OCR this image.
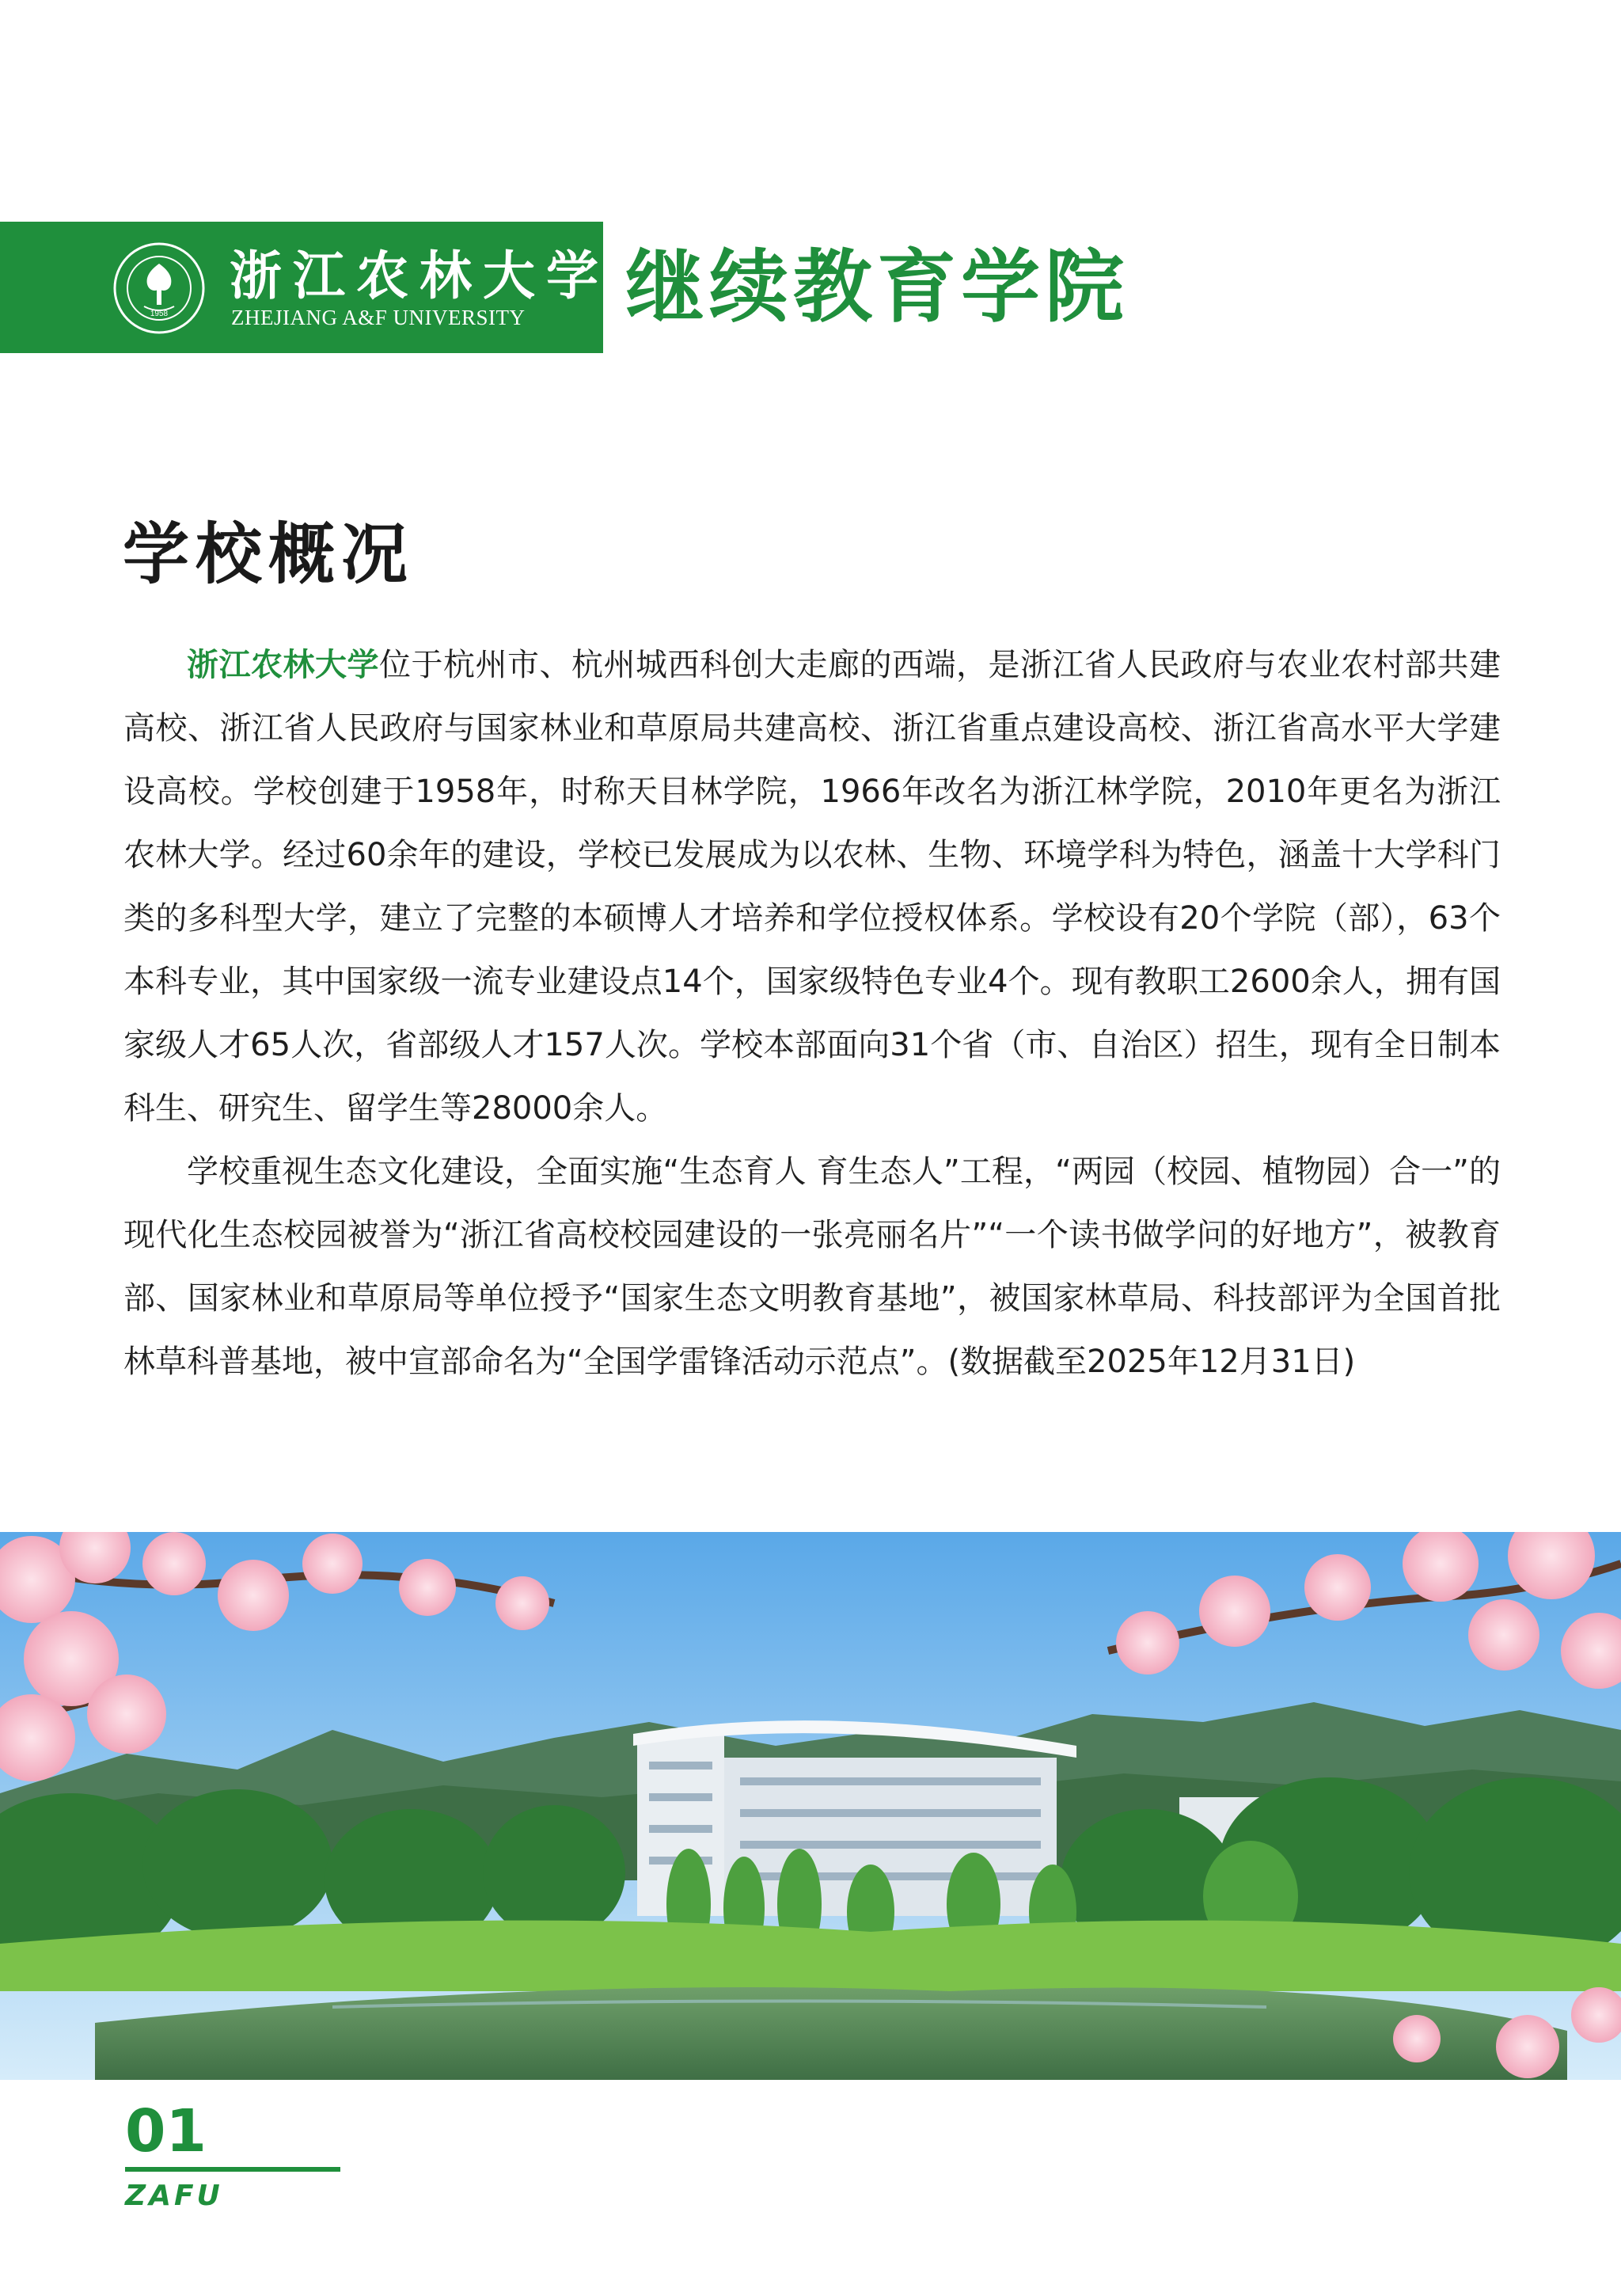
1958
浙江农林大学
ZHEJIANG A&F UNIVERSITY	继续教育学院
学校概况

浙江农林大学位于杭州市、杭州城西科创大走廊的西端，是浙江省人民政府与农业农村部共建高校、浙江省人民政府与国家林业和草原局共建高校、浙江省重点建设高校、浙江省高水平大学建设高校。学校创建于1958年，时称天目林学院，1966年改名为浙江林学院，2010年更名为浙江农林大学。经过60余年的建设，学校已发展成为以农林、生物、环境学科为特色，涵盖十大学科门类的多科型大学，建立了完整的本硕博人才培养和学位授权体系。学校设有20个学院（部），63个本科专业，其中国家级一流专业建设点14个，国家级特色专业4个。现有教职工2600余人，拥有国家级人才65人次，省部级人才157人次。学校本部面向31个省（市、自治区）招生，现有全日制本科生、研究生、留学生等28000余人。

学校重视生态文化建设，全面实施“生态育人 育生态人”工程，“两园（校园、植物园）合一”的现代化生态校园被誉为“浙江省高校校园建设的一张亮丽名片”“一个读书做学问的好地方”，被教育部、国家林业和草原局等单位授予“国家生态文明教育基地”，被国家林草局、科技部评为全国首批林草科普基地，被中宣部命名为“全国学雷锋活动示范点”。(数据截至2025年12月31日)

01
ZAFU
